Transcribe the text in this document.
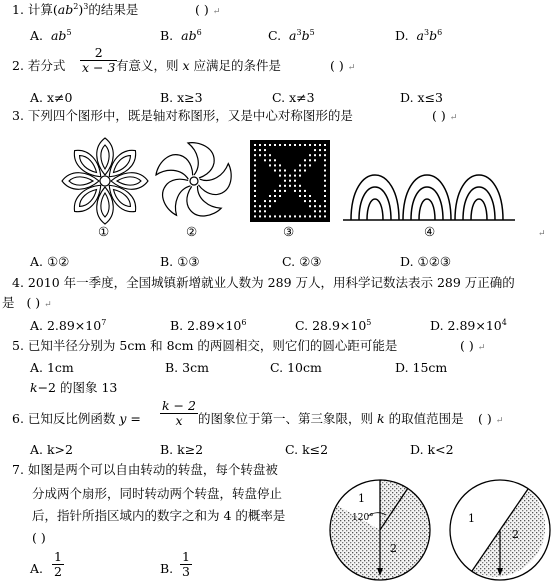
1. 计算$(ab^2)^3$的结果是	( ) ↵
A. $ab^5$	B. $ab^6$	C. $a^3b^5$	D. $a^3b^6$
2. 若分式 $\frac{2}{x - 3}$
有意义，则 x 应满足的条件是	( ) ↵
A. x≠0	B. x≥3	C. x≠3	D. x≤3
3. 下列四个图形中，既是轴对称图形，又是中心对称图形的是	( ) ↵
①	②	③	④	↵
A. ①②	B. ①③	C. ②③	D. ①②③
4. 2010 年一季度，全国城镇新增就业人数为 289 万人，用科学记数法表示 289 万正确的
是 ( ) ↵
A. $2.89\times 10^7$	B. $2.89\times 10^6$	C. $28.9\times 10^5$	D. $2.89\times 10^4$
5. 已知半径分别为 5cm 和 8cm 的两圆相交，则它们的圆心距可能是	( ) ↵
A. 1cm	B. 3cm	C. 10cm	D. 15cm
k−2 的图象 13
6. 已知反比例函数 $y = \frac{k - 2}{x}$ 的图象位于第一、第三象限，则 k 的取值范围是 ( ) ↵
A. k>2	B. k≥2	C. k≤2	D. k<2
7. 如图是两个可以自由转动的转盘，每个转盘被
分成两个扇形，同时转动两个转盘，转盘停止
后，指针所指区域内的数字之和为 4 的概率是
( )
A. $\frac{1}{2}$	B. $\frac{1}{3}$
1
2
120°	1
2
